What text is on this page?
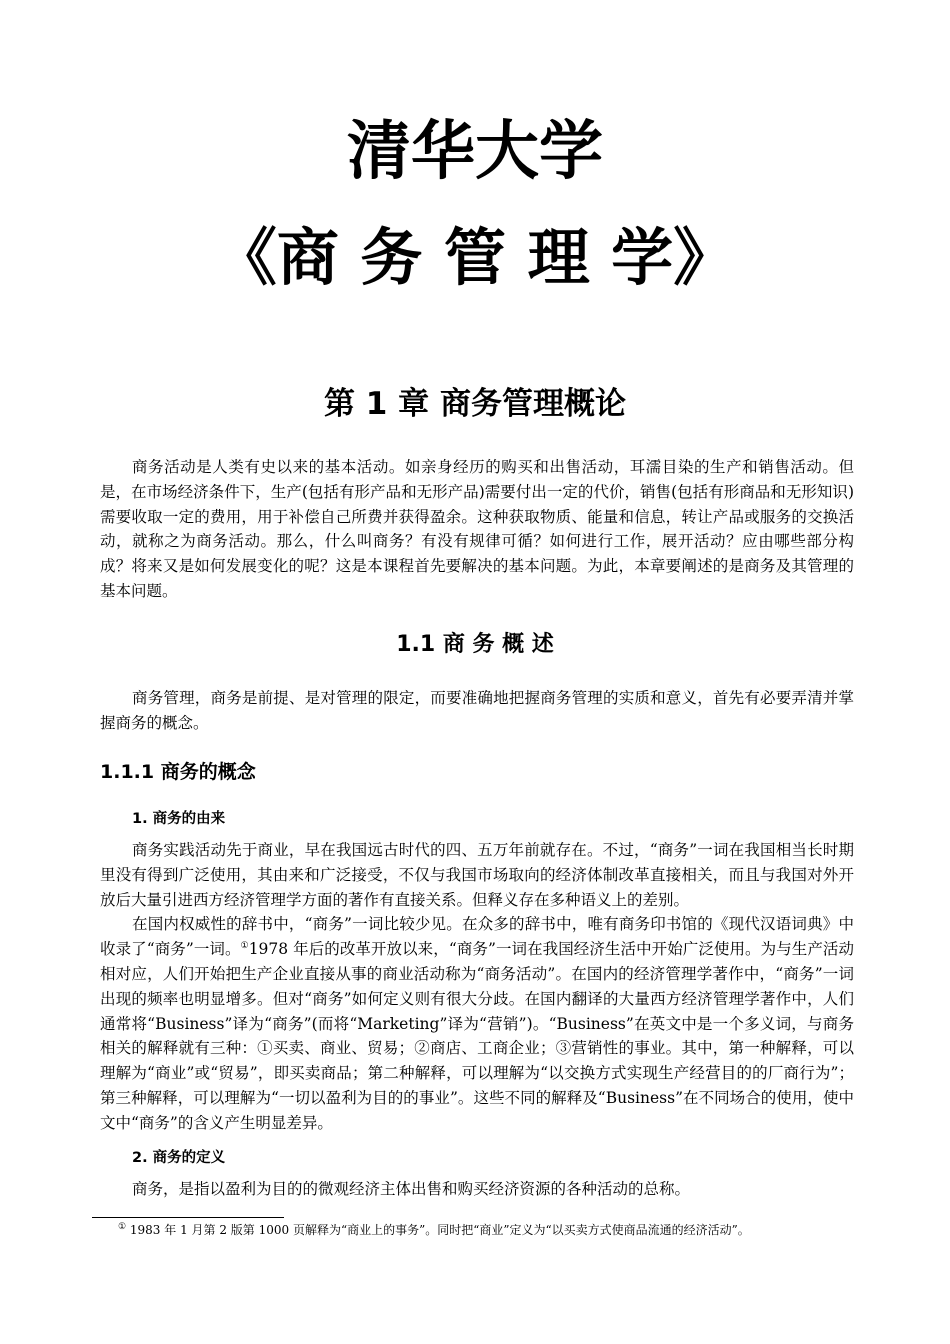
清华大学
《商 务 管 理 学》
第 1 章 商务管理概论

商务活动是人类有史以来的基本活动。如亲身经历的购买和出售活动，耳濡目染的生产和销售活动。但是，在市场经济条件下，生产(包括有形产品和无形产品)需要付出一定的代价，销售(包括有形商品和无形知识)需要收取一定的费用，用于补偿自己所费并获得盈余。这种获取物质、能量和信息，转让产品或服务的交换活动，就称之为商务活动。那么，什么叫商务？有没有规律可循？如何进行工作，展开活动？应由哪些部分构成？将来又是如何发展变化的呢？这是本课程首先要解决的基本问题。为此，本章要阐述的是商务及其管理的基本问题。

1.1 商 务 概 述

商务管理，商务是前提、是对管理的限定，而要准确地把握商务管理的实质和意义，首先有必要弄清并掌握商务的概念。

1.1.1 商务的概念
1. 商务的由来

商务实践活动先于商业，早在我国远古时代的四、五万年前就存在。不过，“商务”一词在我国相当长时期里没有得到广泛使用，其由来和广泛接受，不仅与我国市场取向的经济体制改革直接相关，而且与我国对外开放后大量引进西方经济管理学方面的著作有直接关系。但释义存在多种语义上的差别。

在国内权威性的辞书中，“商务”一词比较少见。在众多的辞书中，唯有商务印书馆的《现代汉语词典》中收录了“商务”一词。①1978 年后的改革开放以来，“商务”一词在我国经济生活中开始广泛使用。为与生产活动相对应，人们开始把生产企业直接从事的商业活动称为“商务活动”。在国内的经济管理学著作中，“商务”一词出现的频率也明显增多。但对“商务”如何定义则有很大分歧。在国内翻译的大量西方经济管理学著作中，人们通常将“Business”译为“商务”(而将“Marketing”译为“营销”)。“Business”在英文中是一个多义词，与商务相关的解释就有三种：①买卖、商业、贸易；②商店、工商企业；③营销性的事业。其中，第一种解释，可以理解为“商业”或“贸易”，即买卖商品；第二种解释，可以理解为“以交换方式实现生产经营目的的厂商行为”；第三种解释，可以理解为“一切以盈利为目的的事业”。这些不同的解释及“Business”在不同场合的使用，使中文中“商务”的含义产生明显差异。

2. 商务的定义

商务，是指以盈利为目的的微观经济主体出售和购买经济资源的各种活动的总称。

① 1983 年 1 月第 2 版第 1000 页解释为“商业上的事务”。同时把“商业”定义为“以买卖方式使商品流通的经济活动”。
